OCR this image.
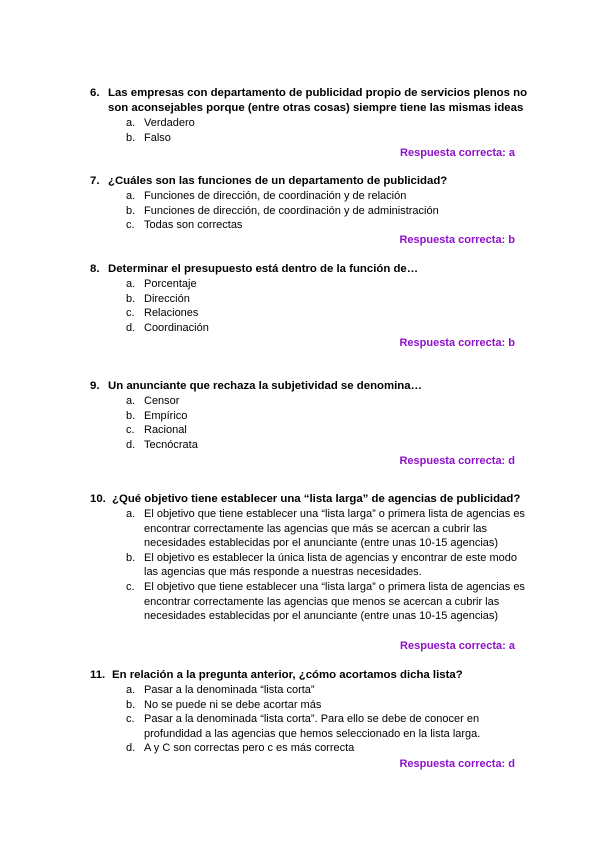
6. Las empresas con departamento de publicidad propio de servicios plenos no son aconsejables porque (entre otras cosas) siempre tiene las mismas ideas
a. Verdadero
b. Falso
Respuesta correcta: a
7. ¿Cuáles son las funciones de un departamento de publicidad?
a. Funciones de dirección, de coordinación y de relación
b. Funciones de dirección, de coordinación y de administración
c. Todas son correctas
Respuesta correcta: b
8. Determinar el presupuesto está dentro de la función de…
a. Porcentaje
b. Dirección
c. Relaciones
d. Coordinación
Respuesta correcta: b
9. Un anunciante que rechaza la subjetividad se denomina…
a. Censor
b. Empírico
c. Racional
d. Tecnócrata
Respuesta correcta: d
10. ¿Qué objetivo tiene establecer una “lista larga” de agencias de publicidad?
a. El objetivo que tiene establecer una “lista larga” o primera lista de agencias es encontrar correctamente las agencias que más se acercan a cubrir las necesidades establecidas por el anunciante (entre unas 10-15 agencias)
b. El objetivo es establecer la única lista de agencias y encontrar de este modo las agencias que más responde a nuestras necesidades.
c. El objetivo que tiene establecer una “lista larga” o primera lista de agencias es encontrar correctamente las agencias que menos se acercan a cubrir las necesidades establecidas por el anunciante (entre unas 10-15 agencias)
Respuesta correcta: a
11. En relación a la pregunta anterior, ¿cómo acortamos dicha lista?
a. Pasar a la denominada “lista corta”
b. No se puede ni se debe acortar más
c. Pasar a la denominada “lista corta”. Para ello se debe de conocer en profundidad a las agencias que hemos seleccionado en la lista larga.
d. A y C son correctas pero c es más correcta
Respuesta correcta: d
